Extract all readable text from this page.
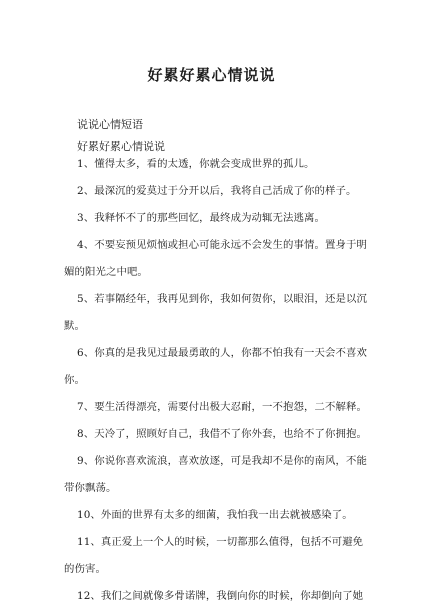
好累好累心情说说
说说心情短语
好累好累心情说说
1、懂得太多，看的太透，你就会变成世界的孤儿。
2、最深沉的爱莫过于分开以后，我将自己活成了你的样子。
3、我释怀不了的那些回忆，最终成为动辄无法逃离。
4、不要妄预见烦恼或担心可能永远不会发生的事情。置身于明
媚的阳光之中吧。
5、若事隔经年，我再见到你，我如何贺你，以眼泪，还是以沉
默。
6、你真的是我见过最最勇敢的人，你都不怕我有一天会不喜欢
你。
7、要生活得漂亮，需要付出极大忍耐，一不抱怨，二不解释。
8、天冷了，照顾好自己，我借不了你外套，也给不了你拥抱。
9、你说你喜欢流浪，喜欢放逐，可是我却不是你的南风，不能
带你飘荡。
10、外面的世界有太多的细菌，我怕我一出去就被感染了。
11、真正爱上一个人的时候，一切都那么值得，包括不可避免
的伤害。
12、我们之间就像多骨诺牌，我倒向你的时候，你却倒向了她
